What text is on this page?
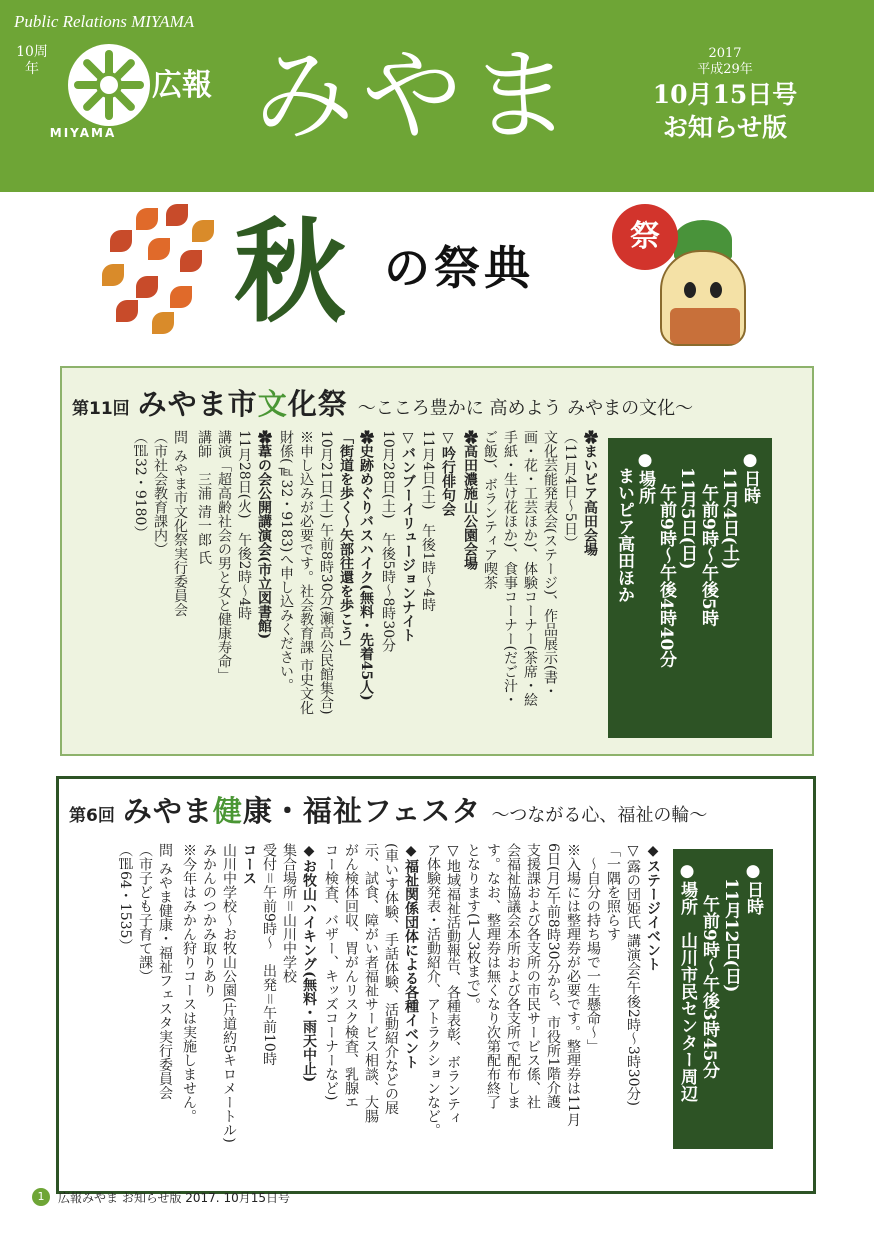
Public Relations MIYAMA
10周年
MIYAMA
広報 みやま	2017
平成29年
10月15日号
お知らせ版
秋 の祭典
祭
第11回 みやま市 文 化祭 〜こころ豊かに 高めよう みやまの文化〜
●日時
　11月4日(土)
　　午前9時〜午後5時
　11月5日(日)
　　午前9時〜午後4時40分
●場所
　まいピア高田ほか
✿まいピア高田会場
（11月4日〜5日）
文化芸能発表会(ステージ)、作品展示(書・
画・花・工芸ほか)、体験コーナー(茶席・絵
手紙・生け花ほか)、食事コーナー(だご汁・
ご飯)、ボランティア喫茶
✿高田濃施山公園会場
▽吟行俳句会
11月4日(土)　午後1時〜4時
▽バンブーイリュージョンナイト
10月28日(土)　午後5時〜8時30分
✿史跡めぐりバスハイク(無料・先着45人)
「街道を歩く〜矢部往還を歩こう」
10月21日(土) 午前8時30分(瀬高公民館集合)
※申し込みが必要です。社会教育課 市史文化
財係(℡32・9183)へ申し込みください。
✿葦の会公開講演会(市立図書館)
11月28日(火)　午後2時〜4時
講演「超高齢社会の男と女と健康寿命」
講師　三浦 清一郎 氏
問 みやま市文化祭実行委員会
（市社会教育課内）
（℡32・9180）
第6回 みやま 健 康・福祉フェスタ 〜つながる心、福祉の輪〜
●日時
　11月12日(日)
　　午前9時〜午後3時45分
●場所　山川市民センター周辺
◆ステージイベント
▽露の団姫氏 講演会(午後2時〜3時30分)
「一隅を照らす
　〜自分の持ち場で一生懸命〜」
※入場には整理券が必要です。整理券は11月
6日(月)午前8時30分から、市役所1階介護
支援課および各支所の市民サービス係、社
会福祉協議会本所および各支所で配布しま
す。なお、整理券は無くなり次第配布終了
となります(1人3枚まで)。
▽地域福祉活動報告、各種表彰、ボランティ
ア体験発表・活動紹介、アトラクションなど。
◆福祉関係団体による各種イベント
(車いす体験、手話体験、活動紹介などの展
示、試食、障がい者福祉サービス相談、大腸
がん検体回収、胃がんリスク検査、乳腺エ
コー検査、バザー、キッズコーナーなど)
◆お牧山ハイキング(無料・雨天中止)
集合場所＝山川中学校
受付＝午前9時〜　出発＝午前10時
コース
山川中学校〜お牧山公園(片道約5キロメートル)
みかんのつかみ取りあり
※今年はみかん狩りコースは実施しません。
問 みやま健康・福祉フェスタ実行委員会
（市子ども子育て課）
（℡64・1535）
1	広報みやま お知らせ版 2017. 10月15日号
